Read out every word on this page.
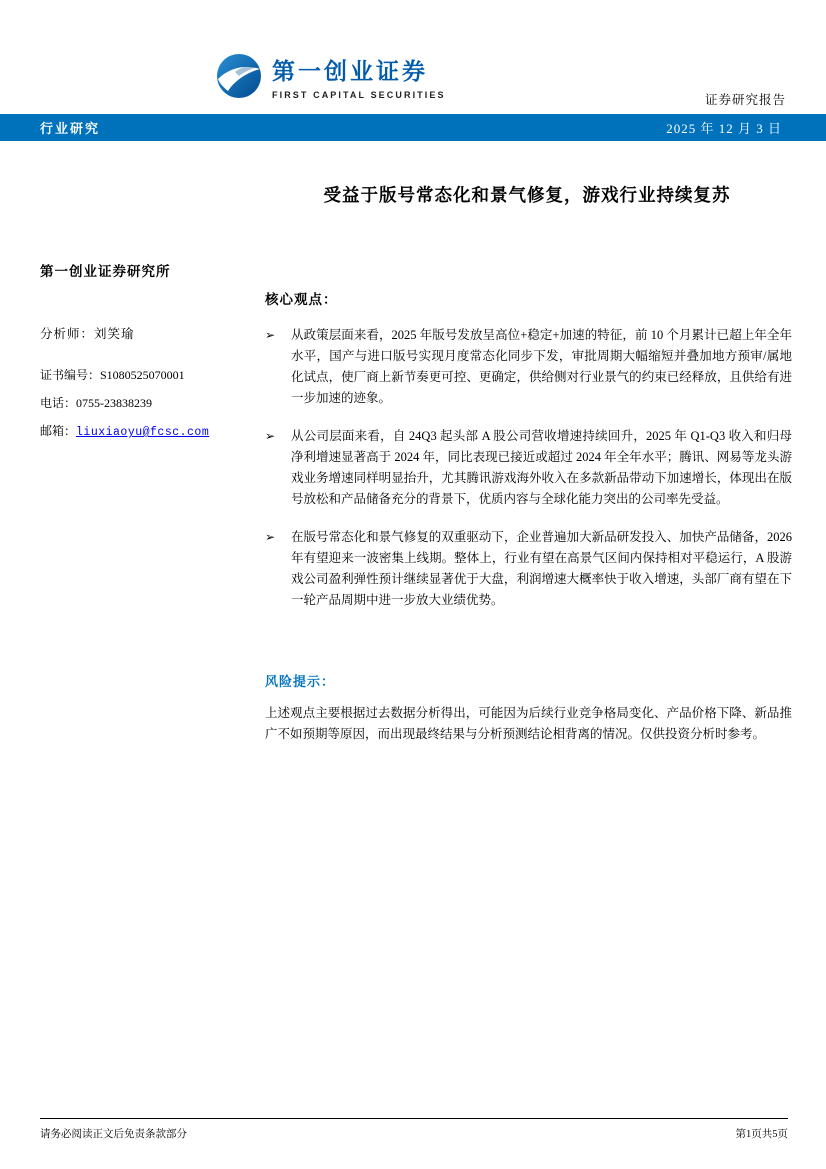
第一创业证券
FIRST CAPITAL SECURITIES	证券研究报告
行业研究	2025 年 12 月 3 日
受益于版号常态化和景气修复，游戏行业持续复苏
第一创业证券研究所
分析师：刘笑瑜
证书编号：S1080525070001
电话：0755-23838239
邮箱：liuxiaoyu@fcsc.com
核心观点：
➢	从政策层面来看，2025 年版号发放呈高位+稳定+加速的特征，前 10 个月累计已超上年全年水平，国产与进口版号实现月度常态化同步下发，审批周期大幅缩短并叠加地方预审/属地化试点，使厂商上新节奏更可控、更确定，供给侧对行业景气的约束已经释放，且供给有进一步加速的迹象。
➢	从公司层面来看，自 24Q3 起头部 A 股公司营收增速持续回升，2025 年 Q1-Q3 收入和归母净利增速显著高于 2024 年，同比表现已接近或超过 2024 年全年水平；腾讯、网易等龙头游戏业务增速同样明显抬升，尤其腾讯游戏海外收入在多款新品带动下加速增长，体现出在版号放松和产品储备充分的背景下，优质内容与全球化能力突出的公司率先受益。
➢	在版号常态化和景气修复的双重驱动下，企业普遍加大新品研发投入、加快产品储备，2026 年有望迎来一波密集上线期。整体上，行业有望在高景气区间内保持相对平稳运行，A 股游戏公司盈利弹性预计继续显著优于大盘，利润增速大概率快于收入增速，头部厂商有望在下一轮产品周期中进一步放大业绩优势。
风险提示：
上述观点主要根据过去数据分析得出，可能因为后续行业竞争格局变化、产品价格下降、新品推广不如预期等原因，而出现最终结果与分析预测结论相背离的情况。仅供投资分析时参考。
请务必阅读正文后免责条款部分	第1页共5页
